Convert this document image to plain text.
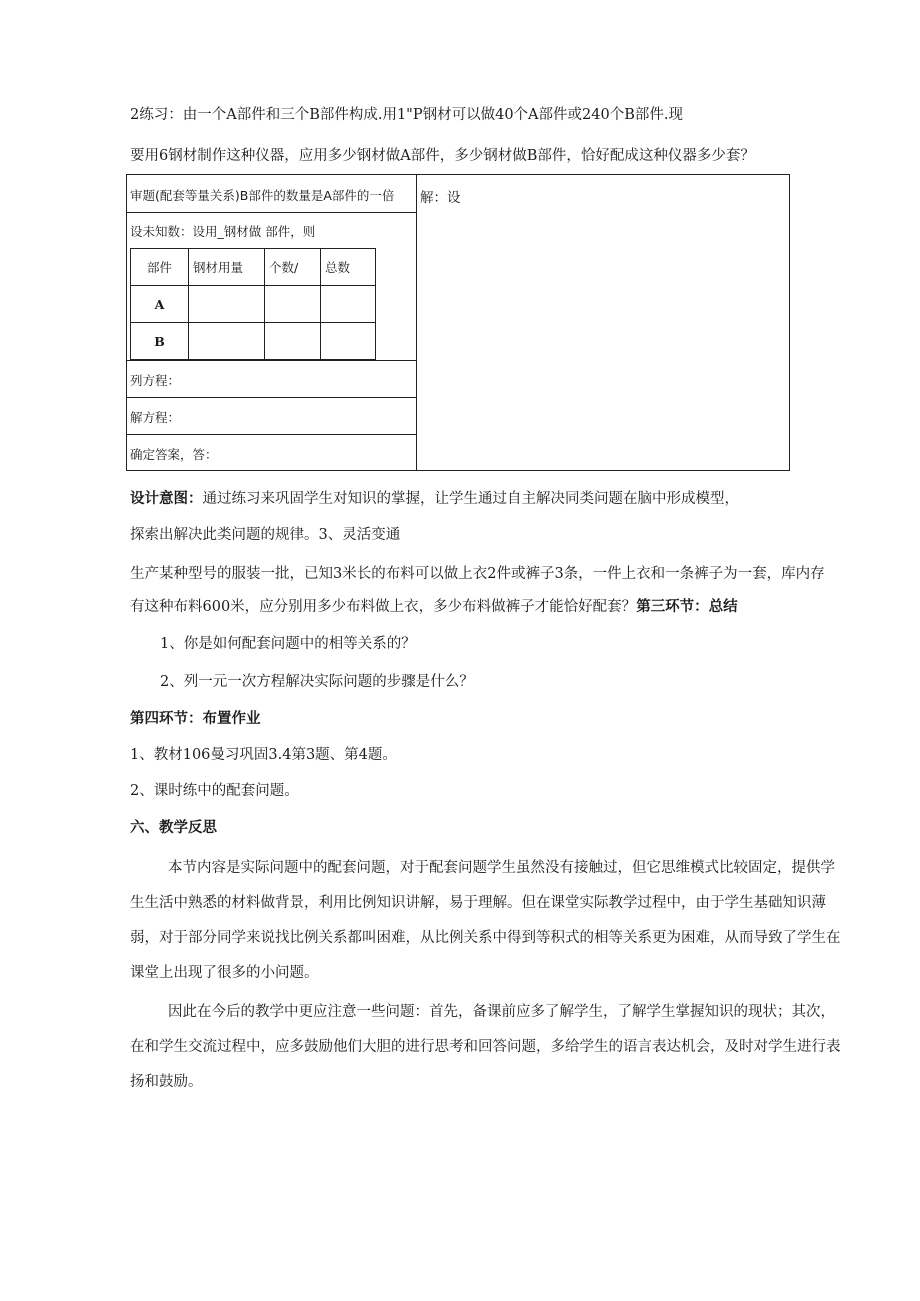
2练习：由一个A部件和三个B部件构成.用1"P钢材可以做40个A部件或240个B部件.现
要用6钢材制作这种仪器，应用多少钢材做A部件，多少钢材做B部件，恰好配成这种仪器多少套？
审题(配套等量关系)B部件的数量是A部件的一倍
设未知数：设用_钢材做 部件，则
解：设
部件	钢材用量	个数/	总数
A			
B			
列方程：
解方程：
确定答案，答：
设计意图：通过练习来巩固学生对知识的掌握，让学生通过自主解决同类问题在脑中形成模型，
探索出解决此类问题的规律。3、灵活变通
生产某种型号的服装一批，已知3米长的布料可以做上衣2件或裤子3条，一件上衣和一条裤子为一套，库内存
有这种布料600米，应分别用多少布料做上衣，多少布料做裤子才能恰好配套？第三环节：总结
1、你是如何配套问题中的相等关系的？
2、列一元一次方程解决实际问题的步骤是什么？
第四环节：布置作业
1、教材106曼习巩固3.4第3题、第4题。
2、课时练中的配套问题。
六、教学反思
本节内容是实际问题中的配套问题，对于配套问题学生虽然没有接触过，但它思维模式比较固定，提供学
生生活中熟悉的材料做背景，利用比例知识讲解，易于理解。但在课堂实际教学过程中，由于学生基础知识薄
弱，对于部分同学来说找比例关系都叫困难，从比例关系中得到等积式的相等关系更为困难，从而导致了学生在
课堂上出现了很多的小问题。
因此在今后的教学中更应注意一些问题：首先，备课前应多了解学生，了解学生掌握知识的现状；其次，
在和学生交流过程中，应多鼓励他们大胆的进行思考和回答问题，多给学生的语言表达机会，及时对学生进行表
扬和鼓励。
